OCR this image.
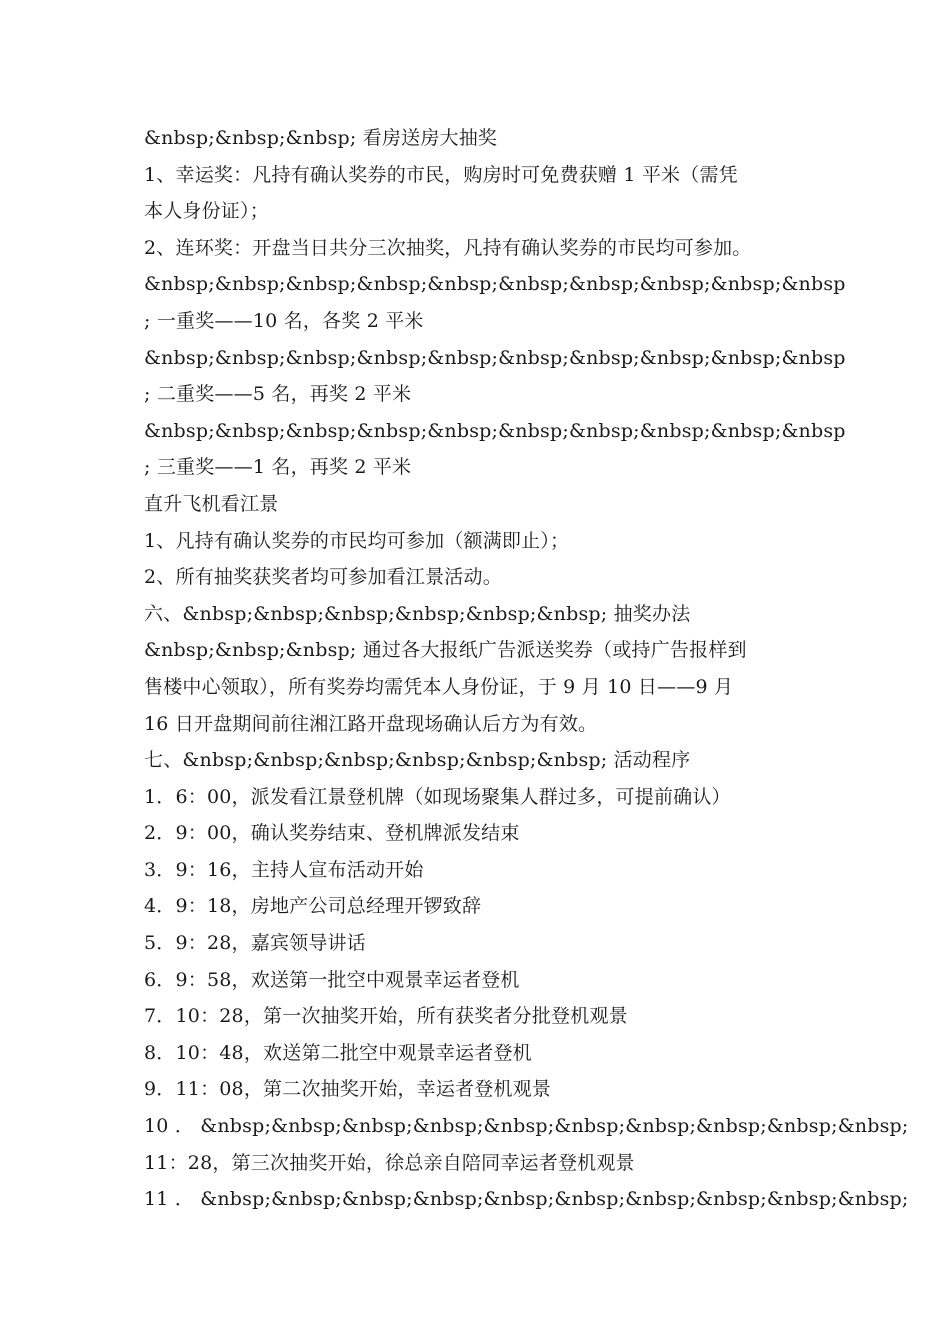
&nbsp;&nbsp;&nbsp; 看房送房大抽奖
1、幸运奖：凡持有确认奖券的市民，购房时可免费获赠 1 平米（需凭
本人身份证）；
2、连环奖：开盘当日共分三次抽奖，凡持有确认奖券的市民均可参加。
&nbsp;&nbsp;&nbsp;&nbsp;&nbsp;&nbsp;&nbsp;&nbsp;&nbsp;&nbsp
; 一重奖——10 名，各奖 2 平米
&nbsp;&nbsp;&nbsp;&nbsp;&nbsp;&nbsp;&nbsp;&nbsp;&nbsp;&nbsp
; 二重奖——5 名，再奖 2 平米
&nbsp;&nbsp;&nbsp;&nbsp;&nbsp;&nbsp;&nbsp;&nbsp;&nbsp;&nbsp
; 三重奖——1 名，再奖 2 平米
直升飞机看江景
1、凡持有确认奖券的市民均可参加（额满即止）；
2、所有抽奖获奖者均可参加看江景活动。
六、&nbsp;&nbsp;&nbsp;&nbsp;&nbsp;&nbsp; 抽奖办法
&nbsp;&nbsp;&nbsp; 通过各大报纸广告派送奖券（或持广告报样到
售楼中心领取），所有奖券均需凭本人身份证，于 9 月 10 日——9 月
16 日开盘期间前往湘江路开盘现场确认后方为有效。
七、&nbsp;&nbsp;&nbsp;&nbsp;&nbsp;&nbsp; 活动程序
1．6：00，派发看江景登机牌（如现场聚集人群过多，可提前确认）
2．9：00，确认奖券结束、登机牌派发结束
3．9：16，主持人宣布活动开始
4．9：18，房地产公司总经理开锣致辞
5．9：28，嘉宾领导讲话
6．9：58，欢送第一批空中观景幸运者登机
7．10：28，第一次抽奖开始，所有获奖者分批登机观景
8．10：48，欢送第二批空中观景幸运者登机
9．11：08，第二次抽奖开始，幸运者登机观景
10 ． &nbsp;&nbsp;&nbsp;&nbsp;&nbsp;&nbsp;&nbsp;&nbsp;&nbsp;&nbsp;
11：28，第三次抽奖开始，徐总亲自陪同幸运者登机观景
11 ． &nbsp;&nbsp;&nbsp;&nbsp;&nbsp;&nbsp;&nbsp;&nbsp;&nbsp;&nbsp;
